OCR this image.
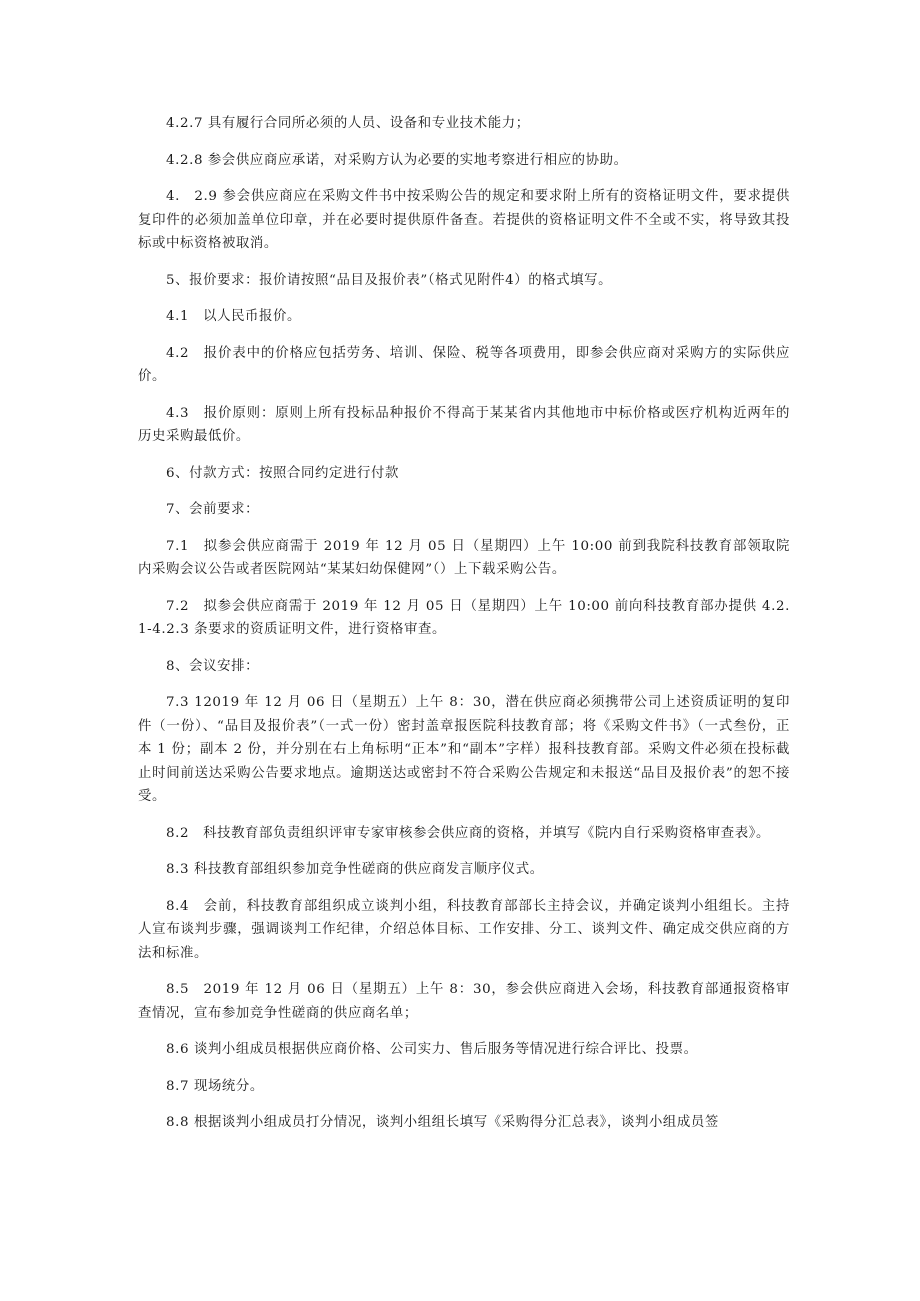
4.2.7 具有履行合同所必须的人员、设备和专业技术能力；

4.2.8 参会供应商应承诺，对采购方认为必要的实地考察进行相应的协助。

4.　2.9 参会供应商应在采购文件书中按采购公告的规定和要求附上所有的资格证明文件，要求提供复印件的必须加盖单位印章，并在必要时提供原件备查。若提供的资格证明文件不全或不实，将导致其投标或中标资格被取消。

5、报价要求：报价请按照“品目及报价表”（格式见附件4）的格式填写。

4.1　以人民币报价。

4.2　报价表中的价格应包括劳务、培训、保险、税等各项费用，即参会供应商对采购方的实际供应价。

4.3　报价原则：原则上所有投标品种报价不得高于某某省内其他地市中标价格或医疗机构近两年的历史采购最低价。

6、付款方式：按照合同约定进行付款

7、会前要求：

7.1　拟参会供应商需于 2019 年 12 月 05 日（星期四）上午 10:00 前到我院科技教育部领取院内采购会议公告或者医院网站“某某妇幼保健网”（）上下载采购公告。

7.2　拟参会供应商需于 2019 年 12 月 05 日（星期四）上午 10:00 前向科技教育部办提供 4.2.1-4.2.3 条要求的资质证明文件，进行资格审查。

8、会议安排：

7.3 12019 年 12 月 06 日（星期五）上午 8：30，潜在供应商必须携带公司上述资质证明的复印件（一份）、“品目及报价表”（一式一份）密封盖章报医院科技教育部；将《采购文件书》（一式叁份，正本 1 份；副本 2 份，并分别在右上角标明“正本”和“副本”字样）报科技教育部。采购文件必须在投标截止时间前送达采购公告要求地点。逾期送达或密封不符合采购公告规定和未报送“品目及报价表”的恕不接受。

8.2　科技教育部负责组织评审专家审核参会供应商的资格，并填写《院内自行采购资格审查表》。

8.3 科技教育部组织参加竞争性磋商的供应商发言顺序仪式。

8.4　会前，科技教育部组织成立谈判小组，科技教育部部长主持会议，并确定谈判小组组长。主持人宣布谈判步骤，强调谈判工作纪律，介绍总体目标、工作安排、分工、谈判文件、确定成交供应商的方法和标准。

8.5　2019 年 12 月 06 日（星期五）上午 8：30，参会供应商进入会场，科技教育部通报资格审查情况，宣布参加竞争性磋商的供应商名单；

8.6 谈判小组成员根据供应商价格、公司实力、售后服务等情况进行综合评比、投票。

8.7 现场统分。

8.8 根据谈判小组成员打分情况，谈判小组组长填写《采购得分汇总表》，谈判小组成员签
